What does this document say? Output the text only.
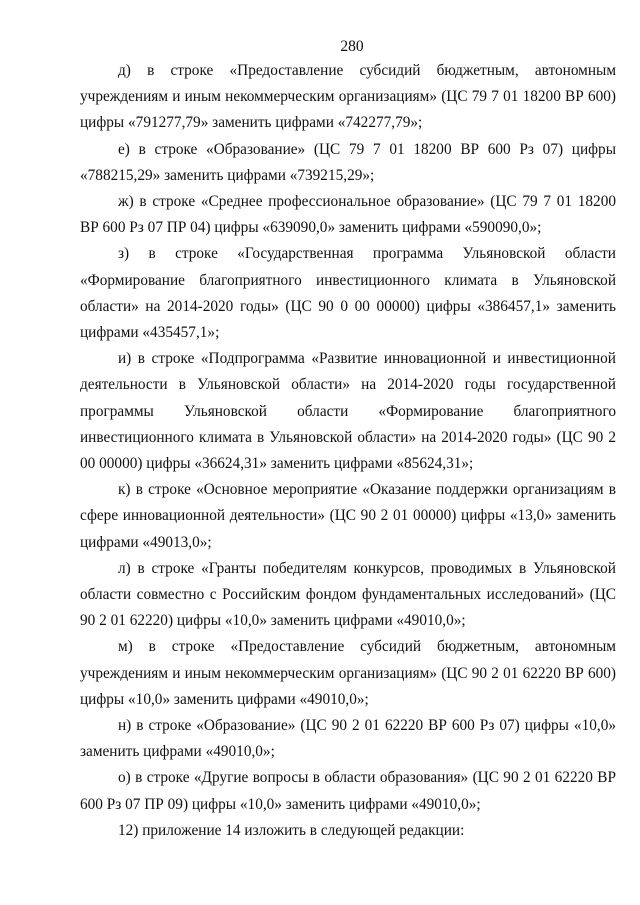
280

д) в строке «Предоставление субсидий бюджетным, автономным учреждениям и иным некоммерческим организациям» (ЦС 79 7 01 18200 ВР 600) цифры «791277,79» заменить цифрами «742277,79»;

е) в строке «Образование» (ЦС 79 7 01 18200 ВР 600 Рз 07) цифры «788215,29» заменить цифрами «739215,29»;

ж) в строке «Среднее профессиональное образование» (ЦС 79 7 01 18200 ВР 600 Рз 07 ПР 04) цифры «639090,0» заменить цифрами «590090,0»;

з) в строке «Государственная программа Ульяновской области «Формирование благоприятного инвестиционного климата в Ульяновской области» на 2014-2020 годы» (ЦС 90 0 00 00000) цифры «386457,1» заменить цифрами «435457,1»;

и) в строке «Подпрограмма «Развитие инновационной и инвестиционной деятельности в Ульяновской области» на 2014-2020 годы государственной программы Ульяновской области «Формирование благоприятного инвестиционного климата в Ульяновской области» на 2014-2020 годы» (ЦС 90 2 00 00000) цифры «36624,31» заменить цифрами «85624,31»;

к) в строке «Основное мероприятие «Оказание поддержки организациям в сфере инновационной деятельности» (ЦС 90 2 01 00000) цифры «13,0» заменить цифрами «49013,0»;

л) в строке «Гранты победителям конкурсов, проводимых в Ульяновской области совместно с Российским фондом фундаментальных исследований» (ЦС 90 2 01 62220) цифры «10,0» заменить цифрами «49010,0»;

м) в строке «Предоставление субсидий бюджетным, автономным учреждениям и иным некоммерческим организациям» (ЦС 90 2 01 62220 ВР 600) цифры «10,0» заменить цифрами «49010,0»;

н) в строке «Образование» (ЦС 90 2 01 62220 ВР 600 Рз 07) цифры «10,0» заменить цифрами «49010,0»;

о) в строке «Другие вопросы в области образования» (ЦС 90 2 01 62220 ВР 600 Рз 07 ПР 09) цифры «10,0» заменить цифрами «49010,0»;

12) приложение 14 изложить в следующей редакции:
